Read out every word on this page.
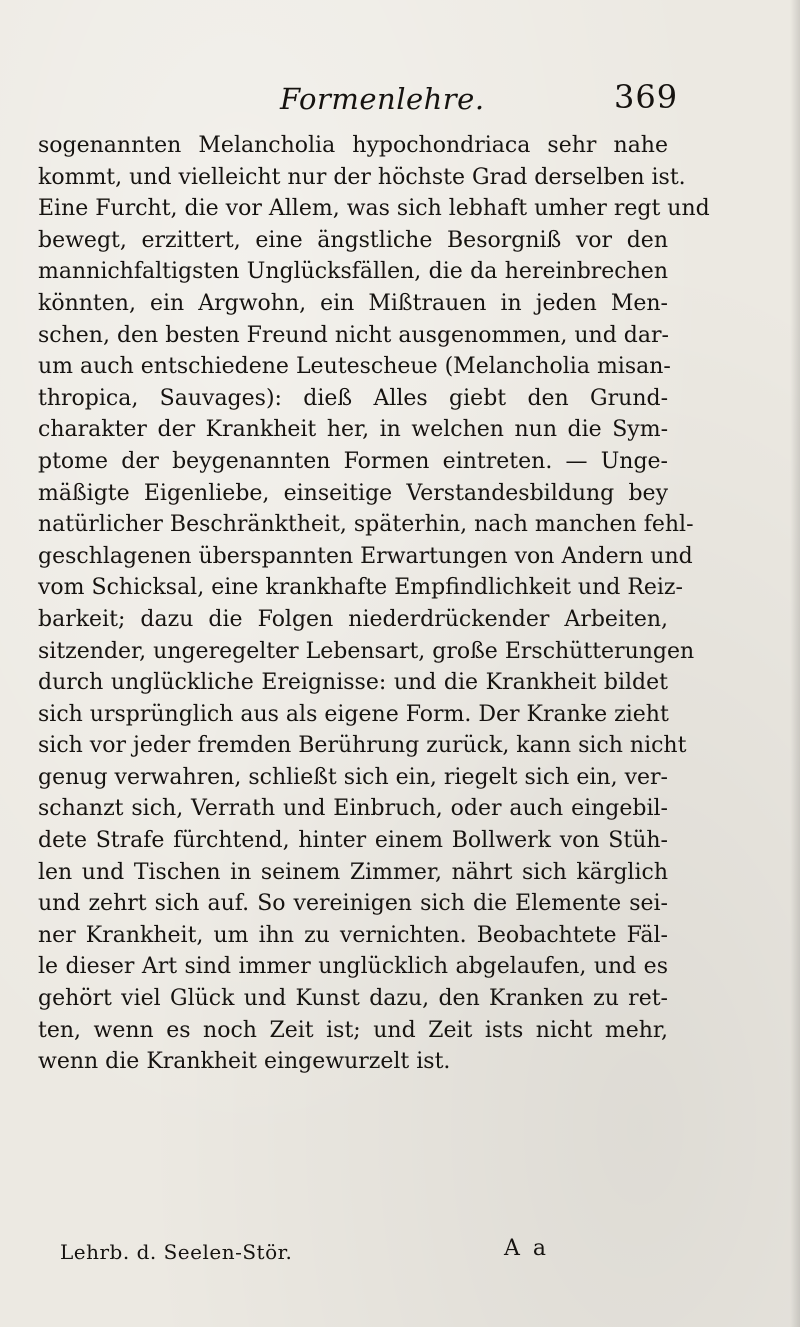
Formenlehre.	369
sogenannten Melancholia hypochondriaca sehr nahe
kommt, und vielleicht nur der höchste Grad derselben ist.
Eine Furcht, die vor Allem, was sich lebhaft umher regt und
bewegt, erzittert, eine ängstliche Besorgniß vor den
mannichfaltigsten Unglücksfällen, die da hereinbrechen
könnten, ein Argwohn, ein Mißtrauen in jeden Men-
schen, den besten Freund nicht ausgenommen, und dar-
um auch entschiedene Leutescheue (Melancholia misan-
thropica, Sauvages): dieß Alles giebt den Grund-
charakter der Krankheit her, in welchen nun die Sym-
ptome der beygenannten Formen eintreten. — Unge-
mäßigte Eigenliebe, einseitige Verstandesbildung bey
natürlicher Beschränktheit, späterhin, nach manchen fehl-
geschlagenen überspannten Erwartungen von Andern und
vom Schicksal, eine krankhafte Empfindlichkeit und Reiz-
barkeit; dazu die Folgen niederdrückender Arbeiten,
sitzender, ungeregelter Lebensart, große Erschütterungen
durch unglückliche Ereignisse: und die Krankheit bildet
sich ursprünglich aus als eigene Form. Der Kranke zieht
sich vor jeder fremden Berührung zurück, kann sich nicht
genug verwahren, schließt sich ein, riegelt sich ein, ver-
schanzt sich, Verrath und Einbruch, oder auch eingebil-
dete Strafe fürchtend, hinter einem Bollwerk von Stüh-
len und Tischen in seinem Zimmer, nährt sich kärglich
und zehrt sich auf. So vereinigen sich die Elemente sei-
ner Krankheit, um ihn zu vernichten. Beobachtete Fäl-
le dieser Art sind immer unglücklich abgelaufen, und es
gehört viel Glück und Kunst dazu, den Kranken zu ret-
ten, wenn es noch Zeit ist; und Zeit ists nicht mehr,
wenn die Krankheit eingewurzelt ist.
Lehrb. d. Seelen-Stör.	A a
